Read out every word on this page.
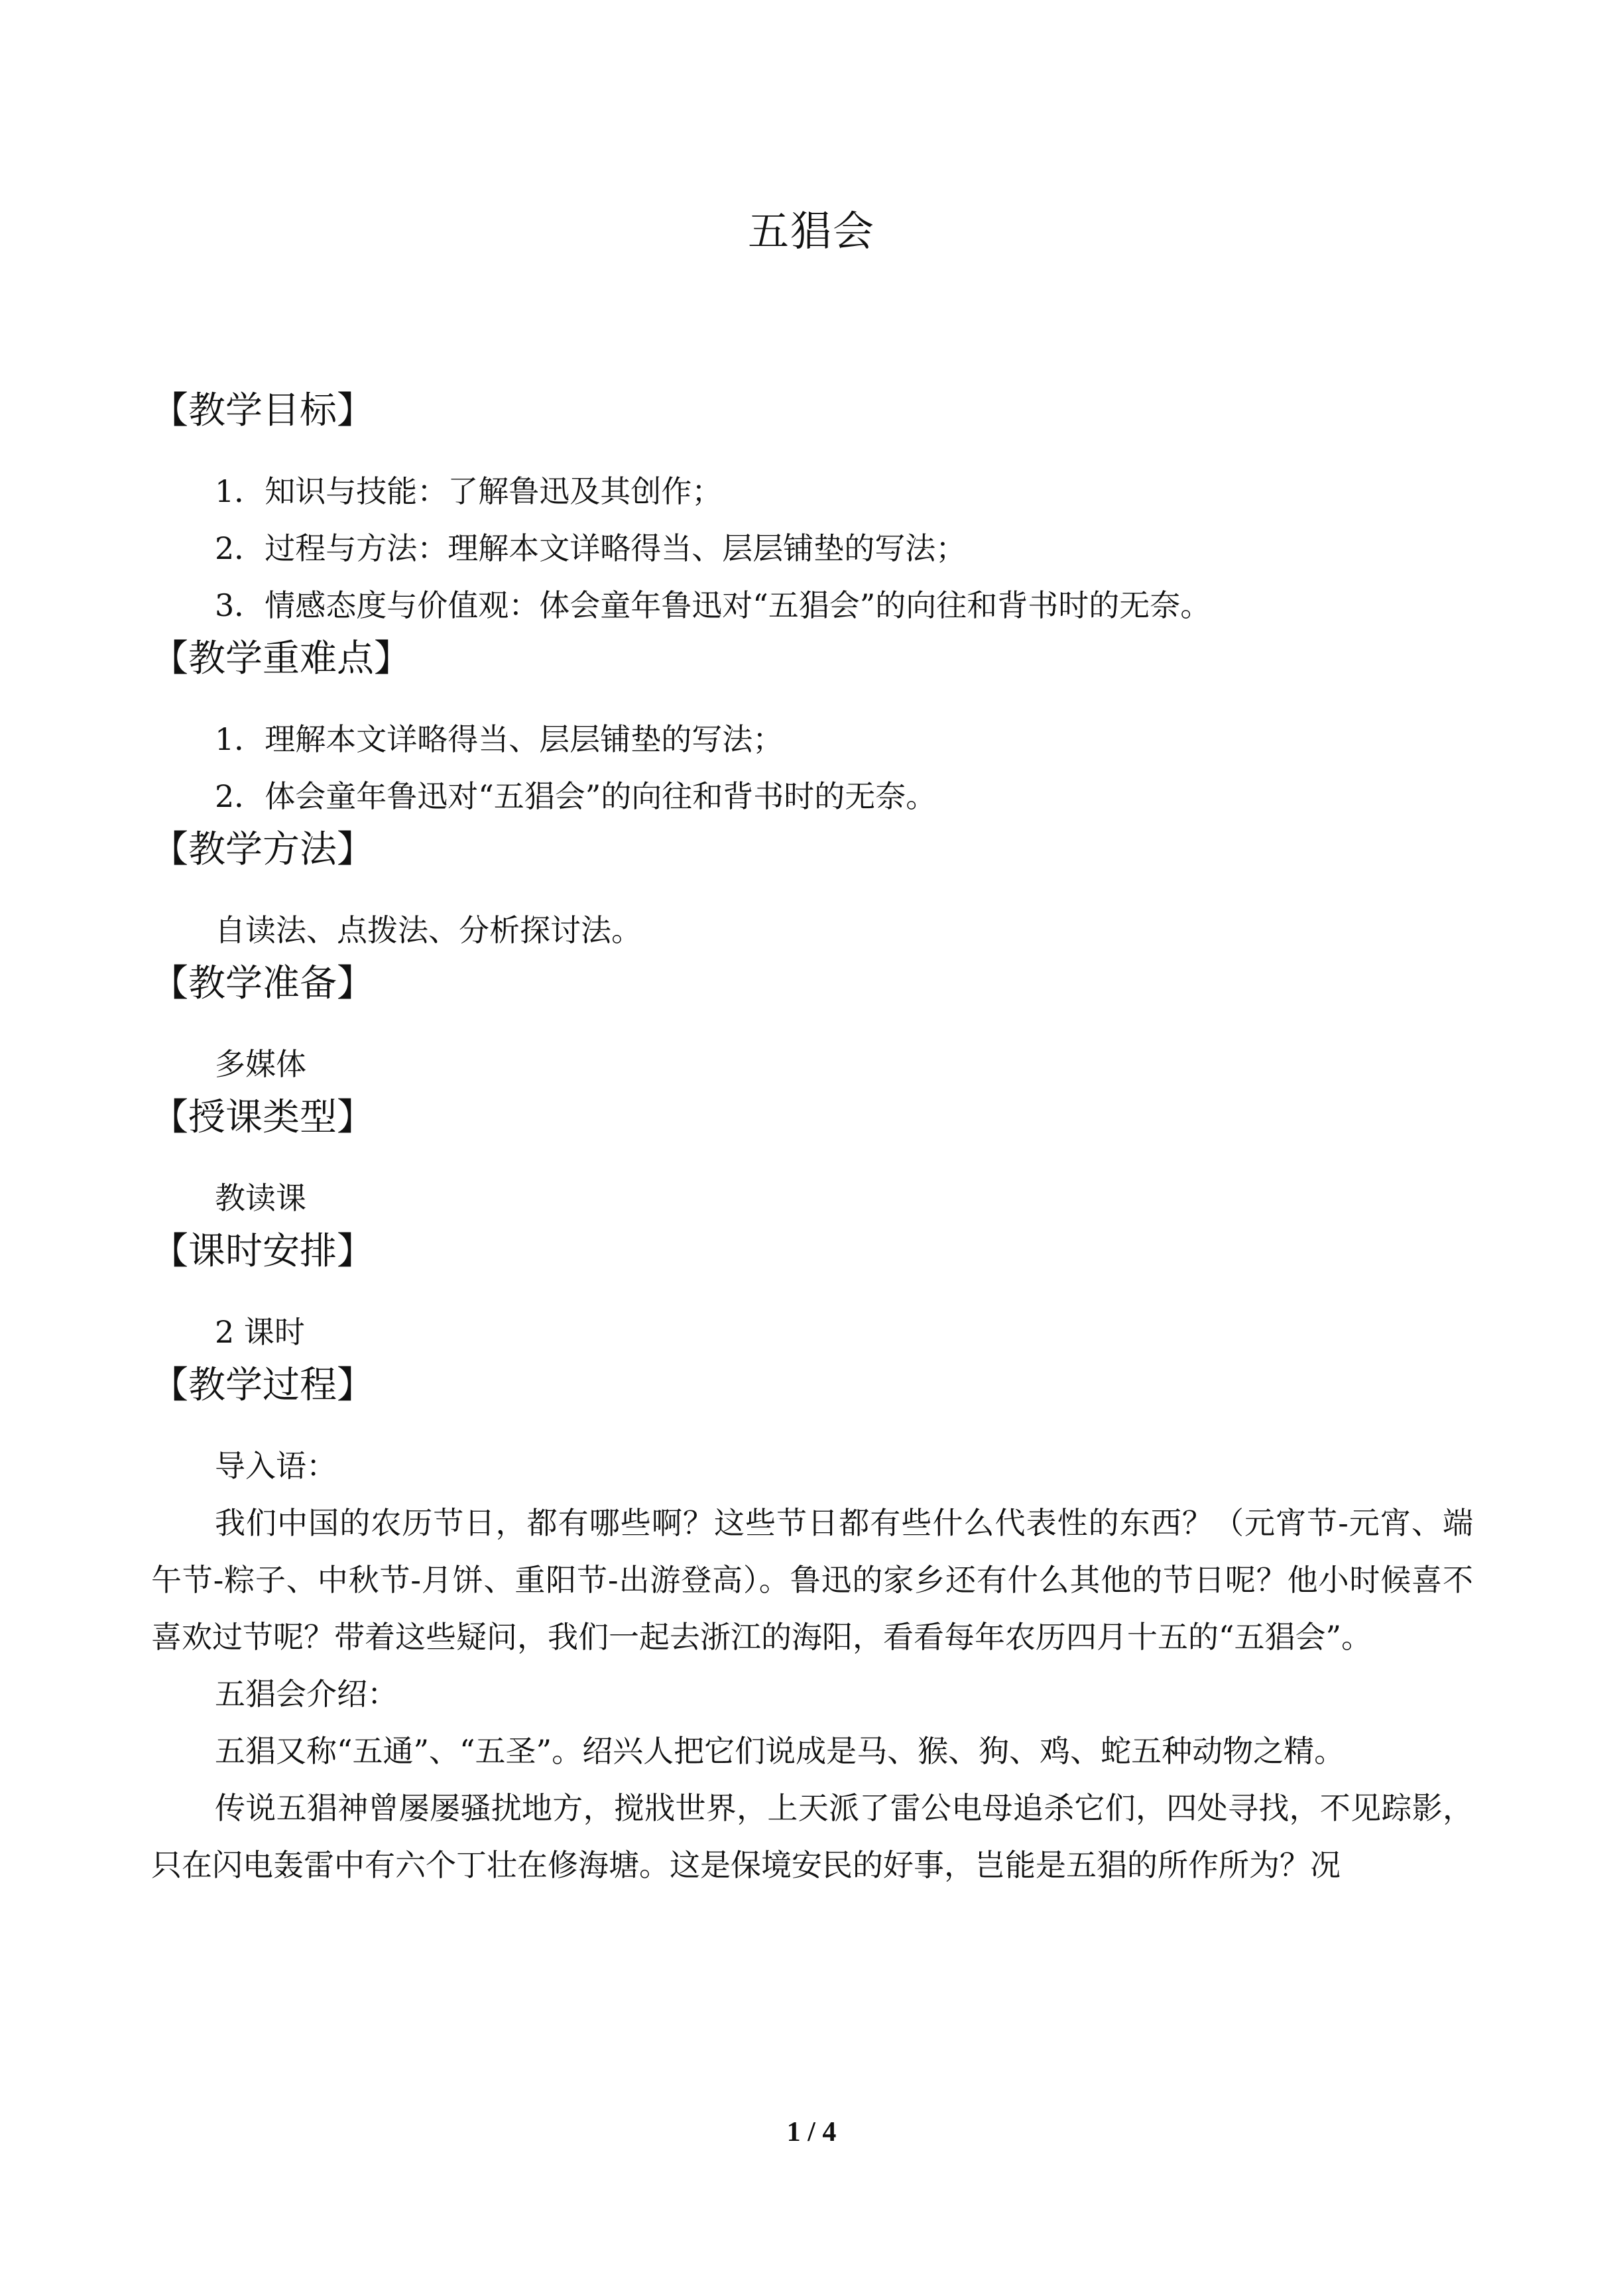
五猖会
【教学目标】

1．知识与技能：了解鲁迅及其创作；

2．过程与方法：理解本文详略得当、层层铺垫的写法；

3．情感态度与价值观：体会童年鲁迅对“五猖会”的向往和背书时的无奈。

【教学重难点】

1．理解本文详略得当、层层铺垫的写法；

2．体会童年鲁迅对“五猖会”的向往和背书时的无奈。

【教学方法】

自读法、点拨法、分析探讨法。

【教学准备】

多媒体

【授课类型】

教读课

【课时安排】

2 课时

【教学过程】

导入语：

我们中国的农历节日，都有哪些啊？这些节日都有些什么代表性的东西？（元宵节-元宵、端午节-粽子、中秋节-月饼、重阳节-出游登高）。鲁迅的家乡还有什么其他的节日呢？他小时候喜不喜欢过节呢？带着这些疑问，我们一起去浙江的海阳，看看每年农历四月十五的“五猖会”。

五猖会介绍：

五猖又称“五通”、“五圣”。绍兴人把它们说成是马、猴、狗、鸡、蛇五种动物之精。

传说五猖神曾屡屡骚扰地方，搅戕世界，上天派了雷公电母追杀它们，四处寻找，不见踪影，只在闪电轰雷中有六个丁壮在修海塘。这是保境安民的好事，岂能是五猖的所作所为？况

1 / 4
